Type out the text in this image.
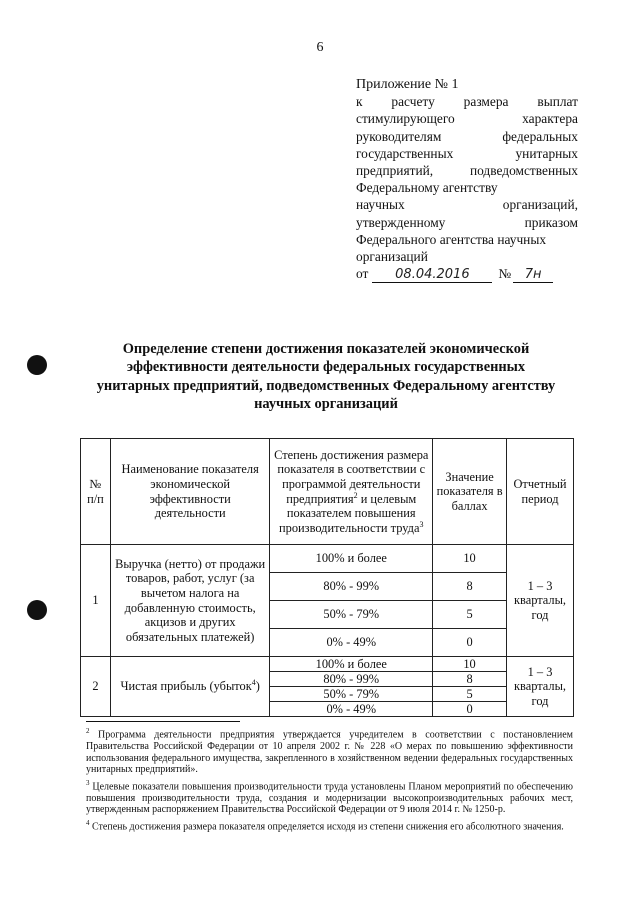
6
Приложение № 1
к расчету размера выплат
стимулирующего характера
руководителям федеральных
государственных унитарных
предприятий, подведомственных
Федеральному агентству
научных организаций,
утвержденному приказом
Федерального агентства научных
организаций
от	08.04.2016	№	7н
Определение степени достижения показателей экономической эффективности деятельности федеральных государственных унитарных предприятий, подведомственных Федеральному агентству научных организаций
№ п/п	Наименование показателя экономической эффективности деятельности	Степень достижения размера показателя в соответствии с программой деятельности предприятия$^2$ и целевым показателем повышения производительности труда$^3$	Значение показателя в баллах	Отчетный период
1	Выручка (нетто) от продажи товаров, работ, услуг (за вычетом налога на добавленную стоимость, акцизов и других обязательных платежей)	100% и более	10	1 – 3 кварталы, год
		80% - 99%	8	
		50% - 79%	5	
		0% - 49%	0	
2	Чистая прибыль (убыток$^4$)	100% и более	10	1 – 3 кварталы, год
		80% - 99%	8	
		50% - 79%	5	
		0% - 49%	0	

$^2$ Программа деятельности предприятия утверждается учредителем в соответствии с постановлением Правительства Российской Федерации от 10 апреля 2002 г. № 228 «О мерах по повышению эффективности использования федерального имущества, закрепленного в хозяйственном ведении федеральных государственных унитарных предприятий».

$^3$ Целевые показатели повышения производительности труда установлены Планом мероприятий по обеспечению повышения производительности труда, создания и модернизации высокопроизводительных рабочих мест, утвержденным распоряжением Правительства Российской Федерации от 9 июля 2014 г. № 1250-р.

$^4$ Степень достижения размера показателя определяется исходя из степени снижения его абсолютного значения.
